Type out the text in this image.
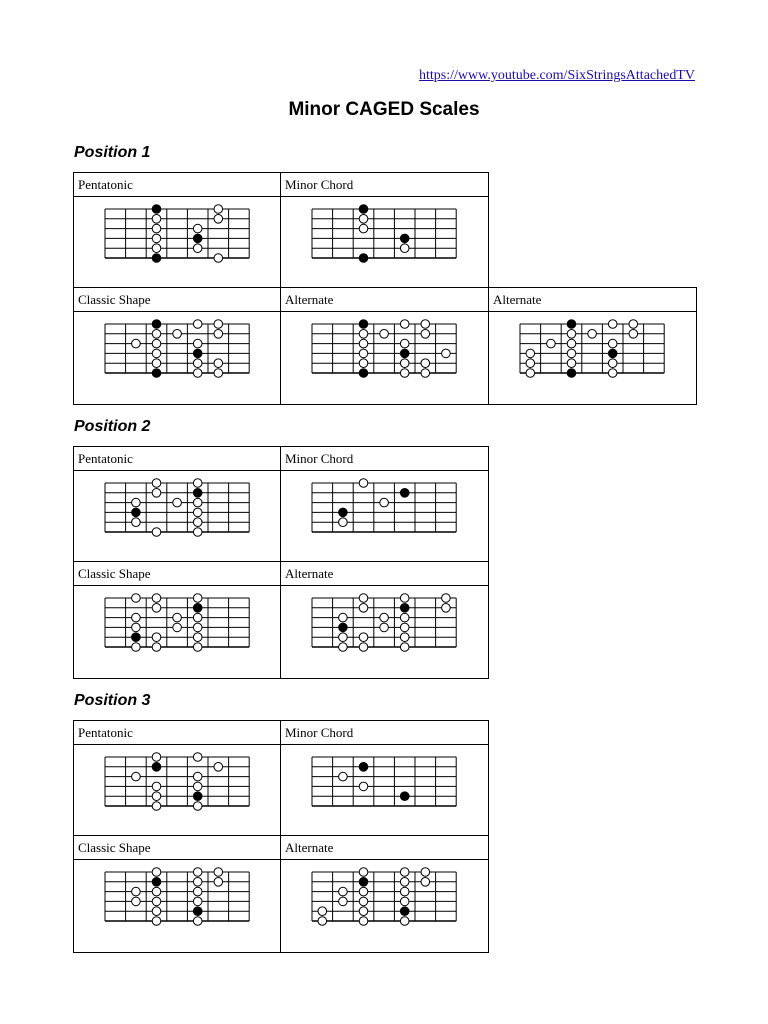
https://www.youtube.com/SixStringsAttachedTV
Minor CAGED Scales
Position 1
Pentatonic	Minor Chord
Classic Shape	Alternate	Alternate
Position 2
Pentatonic	Minor Chord
Classic Shape	Alternate
Position 3
Pentatonic	Minor Chord
Classic Shape	Alternate
